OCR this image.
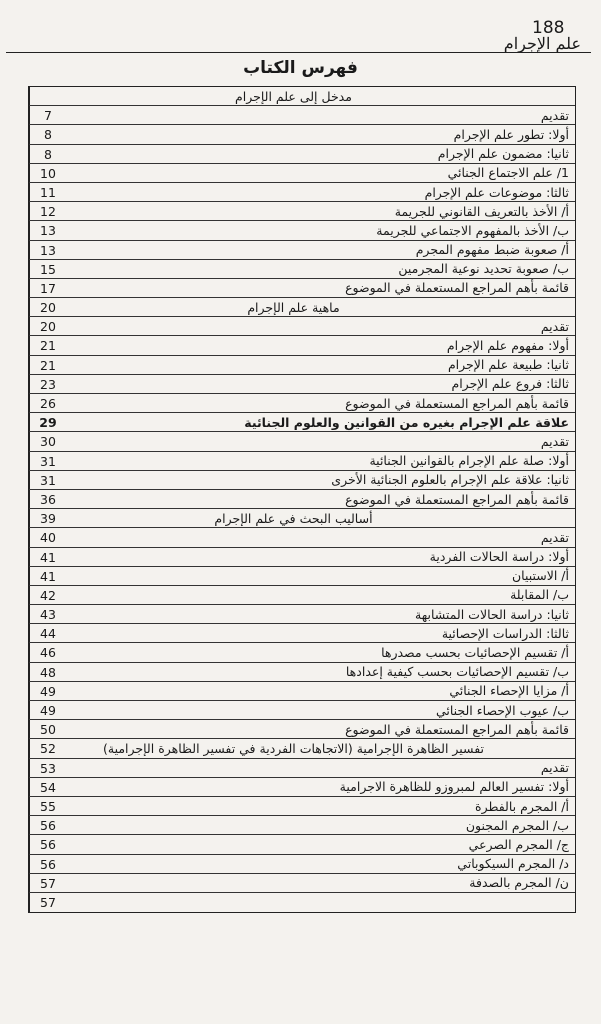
188
علم الإجرام
فهرس الكتاب
مدخل إلى علم الإجرام
تقديم
7
أولا: تطور علم الإجرام
8
ثانيا: مضمون علم الإجرام
8
1/ علم الاجتماع الجنائي
10
ثالثا: موضوعات علم الإجرام
11
أ/ الأخذ بالتعريف القانوني للجريمة
12
ب/ الأخذ بالمفهوم الاجتماعي للجريمة
13
أ/ صعوبة ضبط مفهوم المجرم
13
ب/ صعوبة تحديد نوعية المجرمين
15
قائمة بأهم المراجع المستعملة في الموضوع
17
ماهية علم الإجرام
20
تقديم
20
أولا: مفهوم علم الإجرام
21
ثانيا: طبيعة علم الإجرام
21
ثالثا: فروع علم الإجرام
23
قائمة بأهم المراجع المستعملة في الموضوع
26
علاقة علم الإجرام بغيره من القوانين والعلوم الجنائية
29
تقديم
30
أولا: صلة علم الإجرام بالقوانين الجنائية
31
ثانيا: علاقة علم الإجرام بالعلوم الجنائية الأخرى
31
قائمة بأهم المراجع المستعملة في الموضوع
36
أساليب البحث في علم الإجرام
39
تقديم
40
أولا: دراسة الحالات الفردية
41
أ/ الاستبيان
41
ب/ المقابلة
42
ثانيا: دراسة الحالات المتشابهة
43
ثالثا: الدراسات الإحصائية
44
أ/ تقسيم الإحصائيات بحسب مصدرها
46
ب/ تقسيم الإحصائيات بحسب كيفية إعدادها
48
أ/ مزايا الإحصاء الجنائي
49
ب/ عيوب الإحصاء الجنائي
49
قائمة بأهم المراجع المستعملة في الموضوع
50
تفسير الظاهرة الإجرامية (الاتجاهات الفردية في تفسير الظاهرة الإجرامية)
52
تقديم
53
أولا: تفسير العالم لمبروزو للظاهرة الاجرامية
54
أ/ المجرم بالفطرة
55
ب/ المجرم المجنون
56
ج/ المجرم الصرعي
56
د/ المجرم السيكوباتي
56
ن/ المجرم بالصدفة
57
57
